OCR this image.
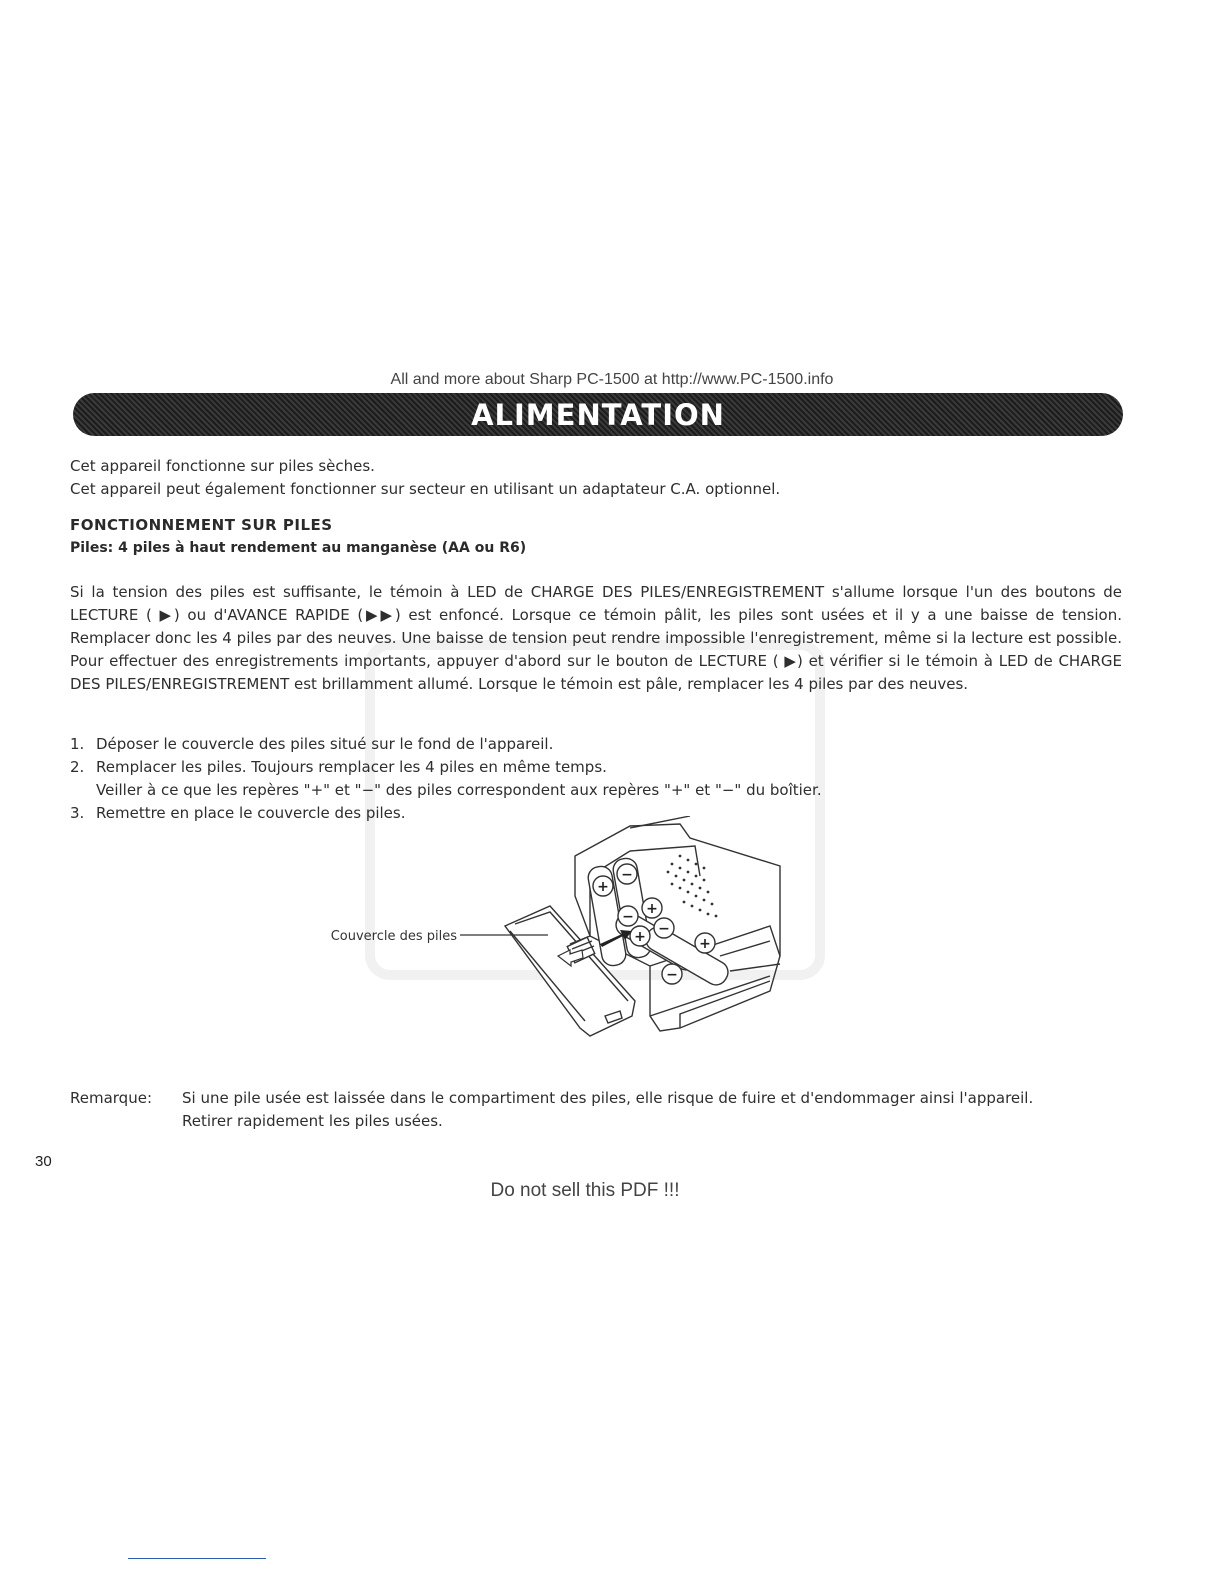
All and more about Sharp PC-1500 at http://www.PC-1500.info
ALIMENTATION
Cet appareil fonctionne sur piles sèches.
Cet appareil peut également fonctionner sur secteur en utilisant un adaptateur C.A. optionnel.
FONCTIONNEMENT SUR PILES
Piles: 4 piles à haut rendement au manganèse (AA ou R6)
Si la tension des piles est suffisante, le témoin à LED de CHARGE DES PILES/ENREGISTREMENT s'allume lorsque l'un des boutons de LECTURE ( ▶) ou d'AVANCE RAPIDE (▶▶) est enfoncé. Lorsque ce témoin pâlit, les piles sont usées et il y a une baisse de tension. Remplacer donc les 4 piles par des neuves. Une baisse de tension peut rendre impossible l'enregistrement, même si la lecture est possible. Pour effectuer des enregistrements importants, appuyer d'abord sur le bouton de LECTURE ( ▶) et vérifier si le témoin à LED de CHARGE DES PILES/ENREGISTREMENT est brillamment allumé. Lorsque le témoin est pâle, remplacer les 4 piles par des neuves.
1. Déposer le couvercle des piles situé sur le fond de l'appareil.
2. Remplacer les piles. Toujours remplacer les 4 piles en même temps.
Veiller à ce que les repères "+" et "−" des piles correspondent aux repères "+" et "−" du boîtier.
3. Remettre en place le couvercle des piles.
+
−
− +
+ −
+
−
Couvercle des piles
Remarque:	Si une pile usée est laissée dans le compartiment des piles, elle risque de fuire et d'endommager ainsi l'appareil.
Retirer rapidement les piles usées.
30
Do not sell this PDF !!!
